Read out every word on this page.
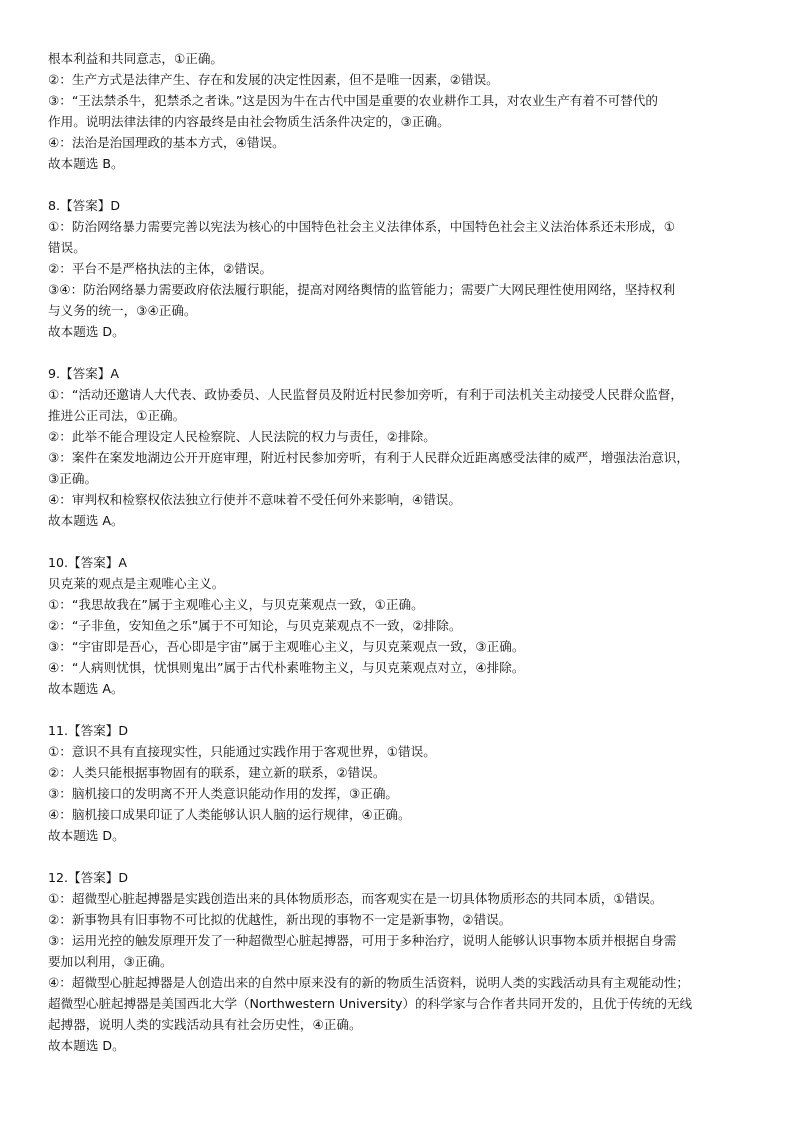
根本利益和共同意志，①正确。
②：生产方式是法律产生、存在和发展的决定性因素，但不是唯一因素，②错误。
③：“王法禁杀牛，犯禁杀之者诛。”这是因为牛在古代中国是重要的农业耕作工具，对农业生产有着不可替代的
作用。说明法律法律的内容最终是由社会物质生活条件决定的，③正确。
④：法治是治国理政的基本方式，④错误。
故本题选 B。
8.【答案】D
①：防治网络暴力需要完善以宪法为核心的中国特色社会主义法律体系，中国特色社会主义法治体系还未形成，①
错误。
②：平台不是严格执法的主体，②错误。
③④：防治网络暴力需要政府依法履行职能，提高对网络舆情的监管能力；需要广大网民理性使用网络，坚持权利
与义务的统一，③④正确。
故本题选 D。
9.【答案】A
①：“活动还邀请人大代表、政协委员、人民监督员及附近村民参加旁听，有利于司法机关主动接受人民群众监督，
推进公正司法，①正确。
②：此举不能合理设定人民检察院、人民法院的权力与责任，②排除。
③：案件在案发地湖边公开开庭审理，附近村民参加旁听，有利于人民群众近距离感受法律的威严，增强法治意识，
③正确。
④：审判权和检察权依法独立行使并不意味着不受任何外来影响，④错误。
故本题选 A。
10.【答案】A
贝克莱的观点是主观唯心主义。
①：“我思故我在”属于主观唯心主义，与贝克莱观点一致，①正确。
②：“子非鱼，安知鱼之乐”属于不可知论，与贝克莱观点不一致，②排除。
③：“宇宙即是吾心，吾心即是宇宙”属于主观唯心主义，与贝克莱观点一致，③正确。
④：“人病则忧惧，忧惧则鬼出”属于古代朴素唯物主义，与贝克莱观点对立，④排除。
故本题选 A。
11.【答案】D
①：意识不具有直接现实性，只能通过实践作用于客观世界，①错误。
②：人类只能根据事物固有的联系，建立新的联系，②错误。
③：脑机接口的发明离不开人类意识能动作用的发挥，③正确。
④：脑机接口成果印证了人类能够认识人脑的运行规律，④正确。
故本题选 D。
12.【答案】D
①：超微型心脏起搏器是实践创造出来的具体物质形态，而客观实在是一切具体物质形态的共同本质，①错误。
②：新事物具有旧事物不可比拟的优越性，新出现的事物不一定是新事物，②错误。
③：运用光控的触发原理开发了一种超微型心脏起搏器，可用于多种治疗，说明人能够认识事物本质并根据自身需
要加以利用，③正确。
④：超微型心脏起搏器是人创造出来的自然中原来没有的新的物质生活资料，说明人类的实践活动具有主观能动性；
超微型心脏起搏器是美国西北大学（Northwestern University）的科学家与合作者共同开发的，且优于传统的无线
起搏器，说明人类的实践活动具有社会历史性，④正确。
故本题选 D。
